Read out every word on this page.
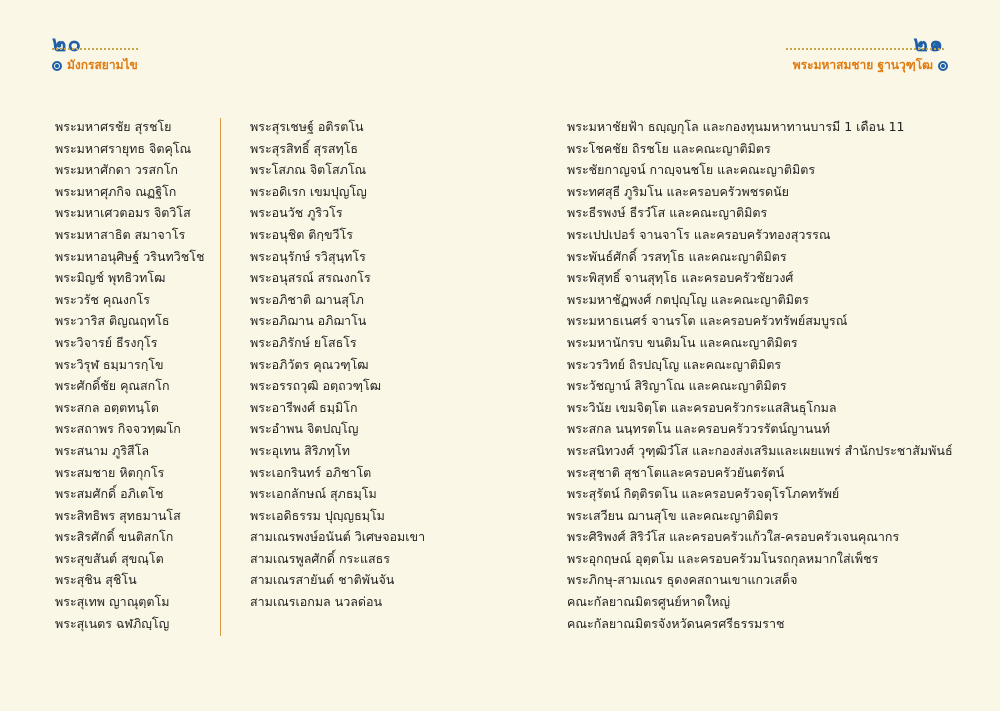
๒๐
มังกรสยามไข
พระมหาศรชัย สุรชโย
พระมหาศรายุทธ จิตคุโณ
พระมหาศักดา วรสกโก
พระมหาศุภกิจ ณฏฐิโก
พระมหาเศวตอมร จิตวิโส
พระมหาสาธิต สมาจาโร
พระมหาอนุศิษฐ์ วรินทวิชโช
พระมิญช์ พุทธิวทโฒ
พระวรัช คุณงกโร
พระวาริส ติญณฤทโธ
พระวิจารย์ ธีรงกุโร
พระวิรุฬ ธมฺมารกฺโข
พระศักดิ์ชัย คุณสกโก
พระสกล อตฺตทนฺโต
พระสถาพร กิจจวทฺฒโก
พระสนาม ภูริสีโล
พระสมชาย หิตกุกโร
พระสมศักดิ์ อภิเตโช
พระสิทธิพร สุทธมานโส
พระสิรศักดิ์ ขนติสกโก
พระสุขสันต์ สุขณฺโต
พระสุชิน สุชิโน
พระสุเทพ ญาณุตฺตโม
พระสุเนตร ฉฬภิญฺโญ
พระสุรเชษฐ์ อติรตโน
พระสุรสิทธิ์ สุรสทฺโธ
พระโสภณ จิตโสภโณ
พระอดิเรก เขมปุญโญ
พระอนวัช ภูริวโร
พระอนุชิต ติกฺขวีโร
พระอนุรักษ์ รวิสุนฺทโร
พระอนุสรณ์ สรณงกโร
พระอภิชาติ ฌานสุโภ
พระอภิฌาน อภิฌาโน
พระอภิรักษ์ ยโสธโร
พระอภิวัตร คุณวฑฺโฒ
พระอรรถวุฒิ อตฺถวฑฺโฒ
พระอารีพงศ์ ธมฺมิโก
พระอำพน จิตปญฺโญ
พระอุเทน สิริภทฺโท
พระเอกรินทร์ อภิชาโต
พระเอกลักษณ์ สุภธมฺโม
พระเอดิธรรม ปุญฺญธมฺโม
สามเณรพงษ์อนันต์ วิเศษจอมเขา
สามเณรพูลศักดิ์ กระแสธร
สามเณรสายันต์ ชาติพันจัน
สามเณรเอกมล นวลด่อน
๒๑
พระมหาสมชาย ฐานวุฑฺโฒ
พระมหาชัยฟ้า ธญฺญกุโล และกองทุนมหาทานบารมี 1 เดือน 11
พระโชคชัย ถิรชโย และคณะญาติมิตร
พระชัยกาญจน์ กาญฺจนชโย และคณะญาติมิตร
พระทศสุธี ภูริมโน และครอบครัวพชรดนัย
พระธีรพงษ์ ธีรวํโส และคณะญาติมิตร
พระเปปเปอร์ จานจาโร และครอบครัวทองสุวรรณ
พระพันธ์ศักดิ์ วรสทฺโธ และคณะญาติมิตร
พระพิสุทธิ์ จานสุทฺโธ และครอบครัวชัยวงศ์
พระมหาชัฏพงศ์ กตปุญฺโญ และคณะญาติมิตร
พระมหาธเนศร์ จานรโต และครอบครัวทรัพย์สมบูรณ์
พระมหานักรบ ขนติมโน และคณะญาติมิตร
พระวรวิทย์ ถิรปญฺโญ และคณะญาติมิตร
พระวัชญาน์ สิริญาโณ และคณะญาติมิตร
พระวินัย เขมจิตฺโต และครอบครัวกระแสสินธุโกมล
พระสกล นนฺทรตโน และครอบครัววรรัตน์ญานนท์
พระสนิทวงศ์ วุฑฺฒิวํโส และกองส่งเสริมและเผยแพร่ สำนักประชาสัมพันธ์
พระสุชาติ สุชาโตและครอบครัวยันตรัตน์
พระสุรัตน์ กิตฺติรตโน และครอบครัวจตุโรโภคทรัพย์
พระเสวียน ฌานสุโข และคณะญาติมิตร
พระศิริพงศ์ สิริวํโส และครอบครัวแก้วใส-ครอบครัวเจนคุณากร
พระอุกฤษณ์ อุตฺตโม และครอบครัวมโนรถกุลหมากใส่เพ็ชร
พระภิกษุ-สามเณร ธุดงคสถานเขาแกวเสด็จ
คณะกัลยาณมิตรศูนย์หาดใหญ่
คณะกัลยาณมิตรจังหวัดนครศรีธรรมราช
